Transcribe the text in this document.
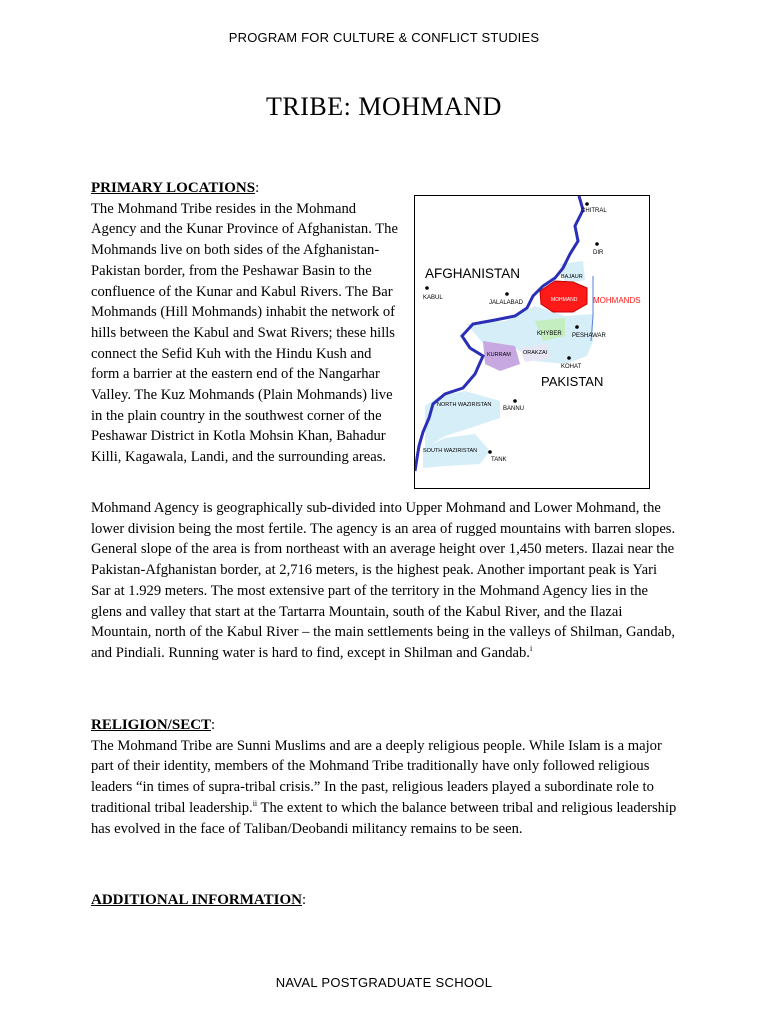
PROGRAM FOR CULTURE & CONFLICT STUDIES
TRIBE: MOHMAND
PRIMARY LOCATIONS:
The Mohmand Tribe resides in the Mohmand Agency and the Kunar Province of Afghanistan. The Mohmands live on both sides of the Afghanistan-Pakistan border, from the Peshawar Basin to the confluence of the Kunar and Kabul Rivers. The Bar Mohmands (Hill Mohmands) inhabit the network of hills between the Kabul and Swat Rivers; these hills connect the Sefid Kuh with the Hindu Kush and form a barrier at the eastern end of the Nangarhar Valley. The Kuz Mohmands (Plain Mohmands) live in the plain country in the southwest corner of the Peshawar District in Kotla Mohsin Khan, Bahadur Killi, Kagawala, Landi, and the surrounding areas.
CHITRAL
DIR
AFGHANISTAN	BAJAUR
KABUL
JALALABAD	MOHMAND MOHMANDS
KHYBER PESHAWAR
KURRAM ORAKZAI
KOHAT
PAKISTAN
NORTH WAZIRISTAN
BANNU
SOUTH WAZIRISTAN
TANK
Mohmand Agency is geographically sub-divided into Upper Mohmand and Lower Mohmand, the lower division being the most fertile. The agency is an area of rugged mountains with barren slopes. General slope of the area is from northeast with an average height over 1,450 meters. Ilazai near the Pakistan-Afghanistan border, at 2,716 meters, is the highest peak. Another important peak is Yari Sar at 1.929 meters. The most extensive part of the territory in the Mohmand Agency lies in the glens and valley that start at the Tartarra Mountain, south of the Kabul River, and the Ilazai Mountain, north of the Kabul River – the main settlements being in the valleys of Shilman, Gandab, and Pindiali. Running water is hard to find, except in Shilman and Gandab.$^i$
RELIGION/SECT:
The Mohmand Tribe are Sunni Muslims and are a deeply religious people. While Islam is a major part of their identity, members of the Mohmand Tribe traditionally have only followed religious leaders “in times of supra-tribal crisis.” In the past, religious leaders played a subordinate role to traditional tribal leadership.$^{ii}$ The extent to which the balance between tribal and religious leadership has evolved in the face of Taliban/Deobandi militancy remains to be seen.
ADDITIONAL INFORMATION:
NAVAL POSTGRADUATE SCHOOL
